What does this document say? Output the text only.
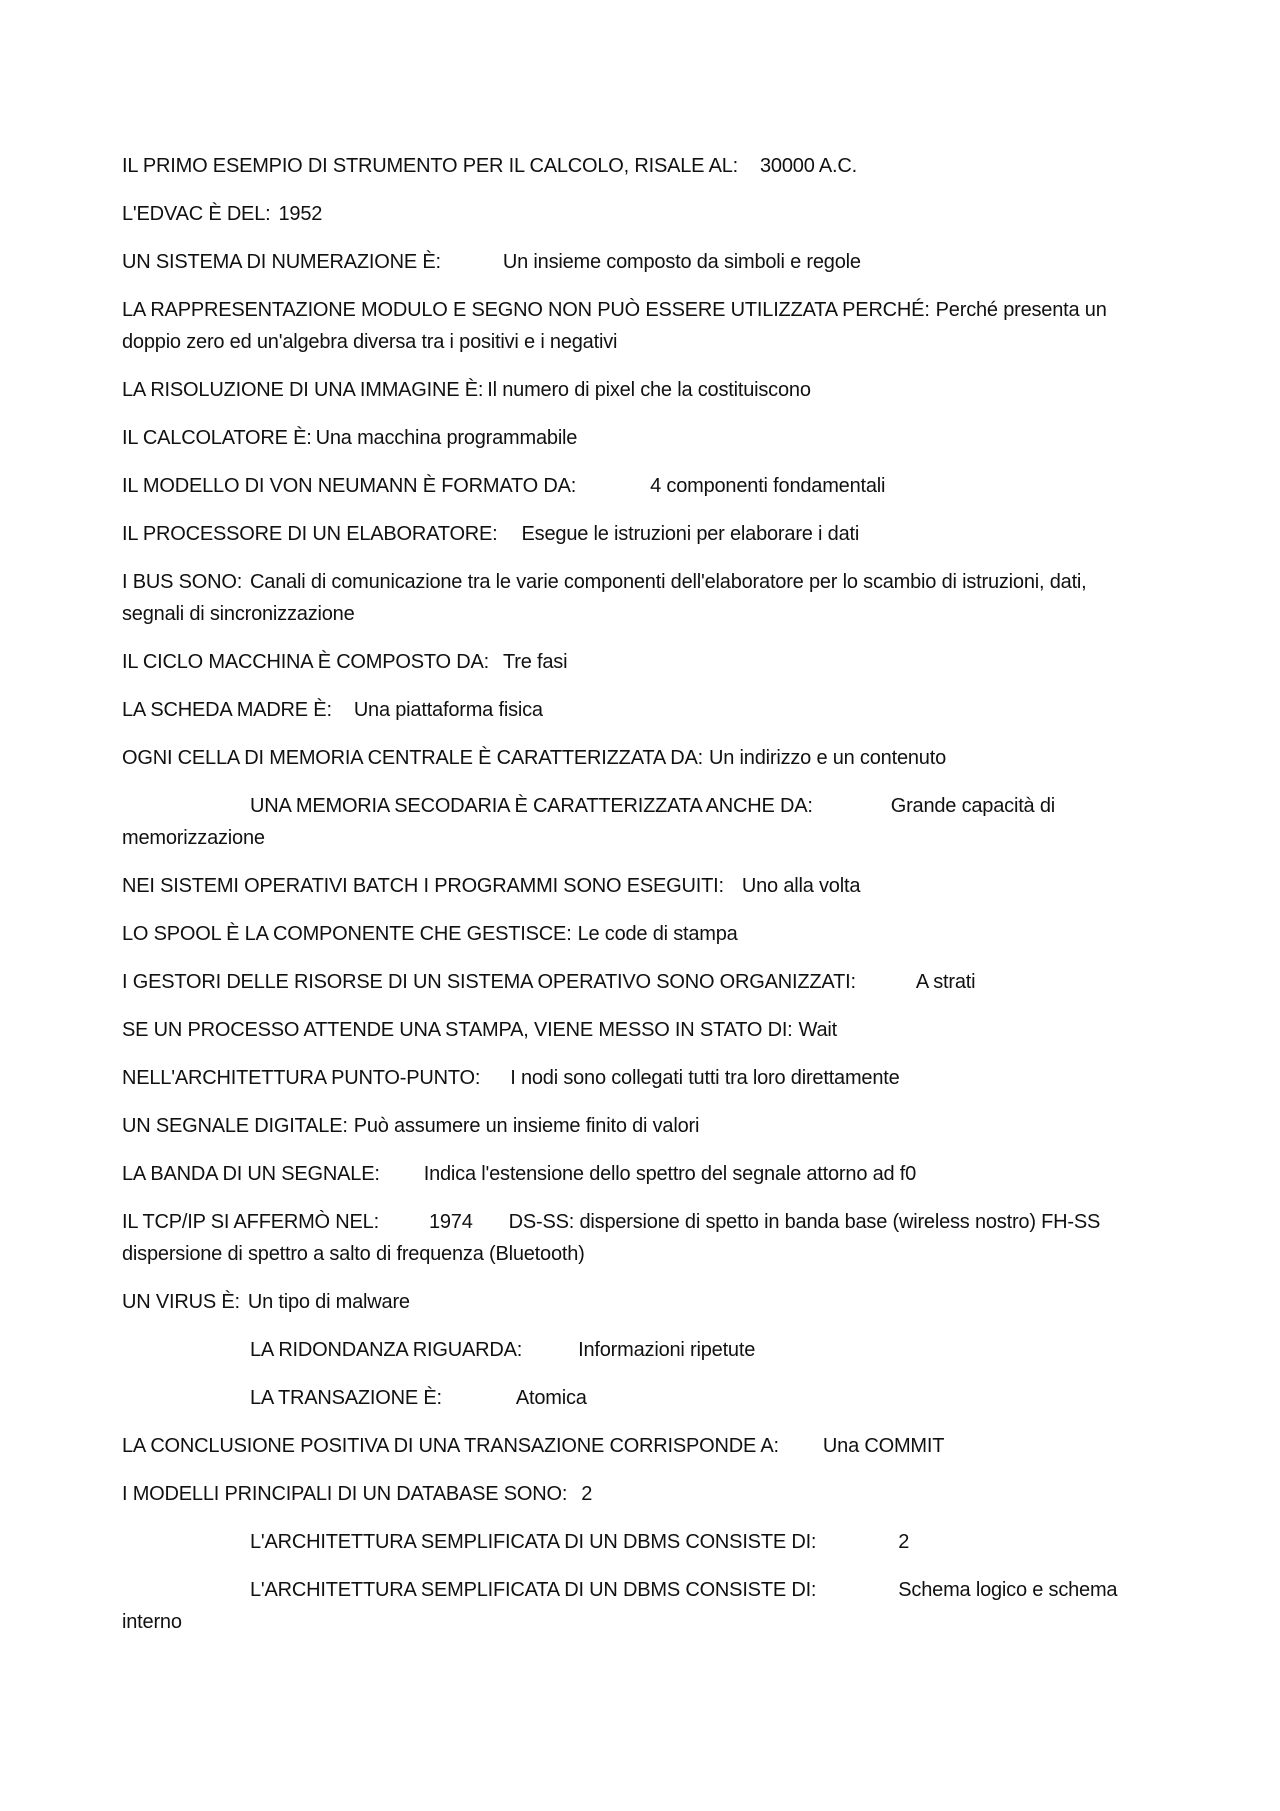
IL PRIMO ESEMPIO DI STRUMENTO PER IL CALCOLO, RISALE AL: 30000 A.C.
L'EDVAC È DEL: 1952
UN SISTEMA DI NUMERAZIONE È:	Un insieme composto da simboli e regole
LA RAPPRESENTAZIONE MODULO E SEGNO NON PUÒ ESSERE UTILIZZATA PERCHÉ: Perché presenta un doppio zero ed un'algebra diversa tra i positivi e i negativi
LA RISOLUZIONE DI UNA IMMAGINE È: Il numero di pixel che la costituiscono
IL CALCOLATORE È: Una macchina programmabile
IL MODELLO DI VON NEUMANN È FORMATO DA:	4 componenti fondamentali
IL PROCESSORE DI UN ELABORATORE: Esegue le istruzioni per elaborare i dati
I BUS SONO: Canali di comunicazione tra le varie componenti dell'elaboratore per lo scambio di istruzioni, dati, segnali di sincronizzazione
IL CICLO MACCHINA È COMPOSTO DA: Tre fasi
LA SCHEDA MADRE È: Una piattaforma fisica
OGNI CELLA DI MEMORIA CENTRALE È CARATTERIZZATA DA: Un indirizzo e un contenuto
UNA MEMORIA SECODARIA È CARATTERIZZATA ANCHE DA:	Grande capacità di memorizzazione
NEI SISTEMI OPERATIVI BATCH I PROGRAMMI SONO ESEGUITI: Uno alla volta
LO SPOOL È LA COMPONENTE CHE GESTISCE: Le code di stampa
I GESTORI DELLE RISORSE DI UN SISTEMA OPERATIVO SONO ORGANIZZATI:	A strati
SE UN PROCESSO ATTENDE UNA STAMPA, VIENE MESSO IN STATO DI: Wait
NELL'ARCHITETTURA PUNTO-PUNTO: I nodi sono collegati tutti tra loro direttamente
UN SEGNALE DIGITALE: Può assumere un insieme finito di valori
LA BANDA DI UN SEGNALE: Indica l'estensione dello spettro del segnale attorno ad f0
IL TCP/IP SI AFFERMÒ NEL:	1974 DS-SS: dispersione di spetto in banda base (wireless nostro) FH-SS dispersione di spettro a salto di frequenza (Bluetooth)
UN VIRUS È: Un tipo di malware
LA RIDONDANZA RIGUARDA:	Informazioni ripetute
LA TRANSAZIONE È:	Atomica
LA CONCLUSIONE POSITIVA DI UNA TRANSAZIONE CORRISPONDE A: Una COMMIT
I MODELLI PRINCIPALI DI UN DATABASE SONO: 2
L'ARCHITETTURA SEMPLIFICATA DI UN DBMS CONSISTE DI:	2
L'ARCHITETTURA SEMPLIFICATA DI UN DBMS CONSISTE DI:	Schema logico e schema interno
